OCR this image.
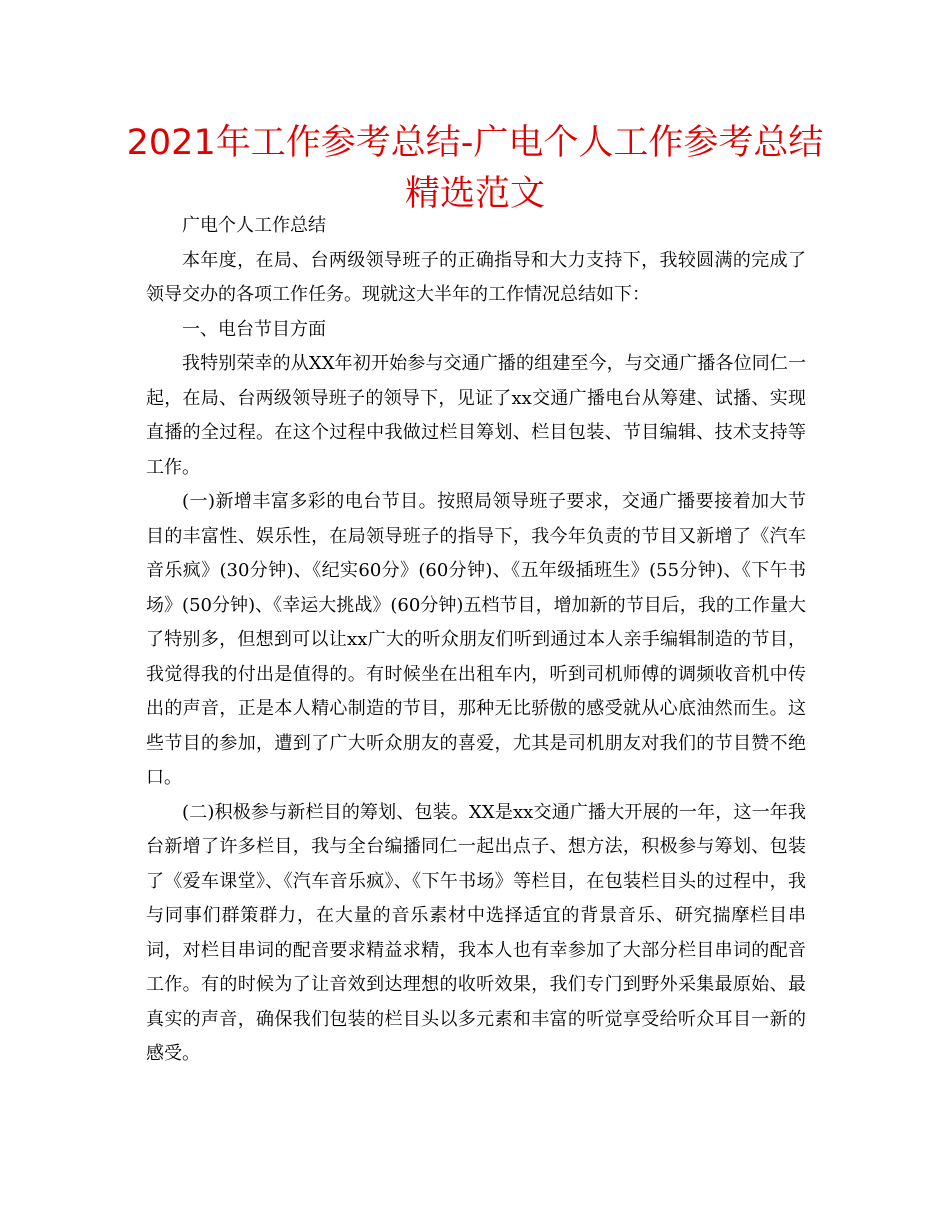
2021年工作参考总结-广电个人工作参考总结精选范文

广电个人工作总结

本年度，在局、台两级领导班子的正确指导和大力支持下，我较圆满的完成了领导交办的各项工作任务。现就这大半年的工作情况总结如下：

一、电台节目方面

我特别荣幸的从XX年初开始参与交通广播的组建至今，与交通广播各位同仁一起，在局、台两级领导班子的领导下，见证了xx交通广播电台从筹建、试播、实现直播的全过程。在这个过程中我做过栏目筹划、栏目包装、节目编辑、技术支持等工作。

(一)新增丰富多彩的电台节目。按照局领导班子要求，交通广播要接着加大节目的丰富性、娱乐性，在局领导班子的指导下，我今年负责的节目又新增了《汽车音乐疯》(30分钟)、《纪实60分》(60分钟)、《五年级插班生》(55分钟)、《下午书场》(50分钟)、《幸运大挑战》(60分钟)五档节目，增加新的节目后，我的工作量大了特别多，但想到可以让xx广大的听众朋友们听到通过本人亲手编辑制造的节目，我觉得我的付出是值得的。有时候坐在出租车内，听到司机师傅的调频收音机中传出的声音，正是本人精心制造的节目，那种无比骄傲的感受就从心底油然而生。这些节目的参加，遭到了广大听众朋友的喜爱，尤其是司机朋友对我们的节目赞不绝口。

(二)积极参与新栏目的筹划、包装。XX是xx交通广播大开展的一年，这一年我台新增了许多栏目，我与全台编播同仁一起出点子、想方法，积极参与筹划、包装了《爱车课堂》、《汽车音乐疯》、《下午书场》等栏目，在包装栏目头的过程中，我与同事们群策群力，在大量的音乐素材中选择适宜的背景音乐、研究揣摩栏目串词，对栏目串词的配音要求精益求精，我本人也有幸参加了大部分栏目串词的配音工作。有的时候为了让音效到达理想的收听效果，我们专门到野外采集最原始、最真实的声音，确保我们包装的栏目头以多元素和丰富的听觉享受给听众耳目一新的感受。
